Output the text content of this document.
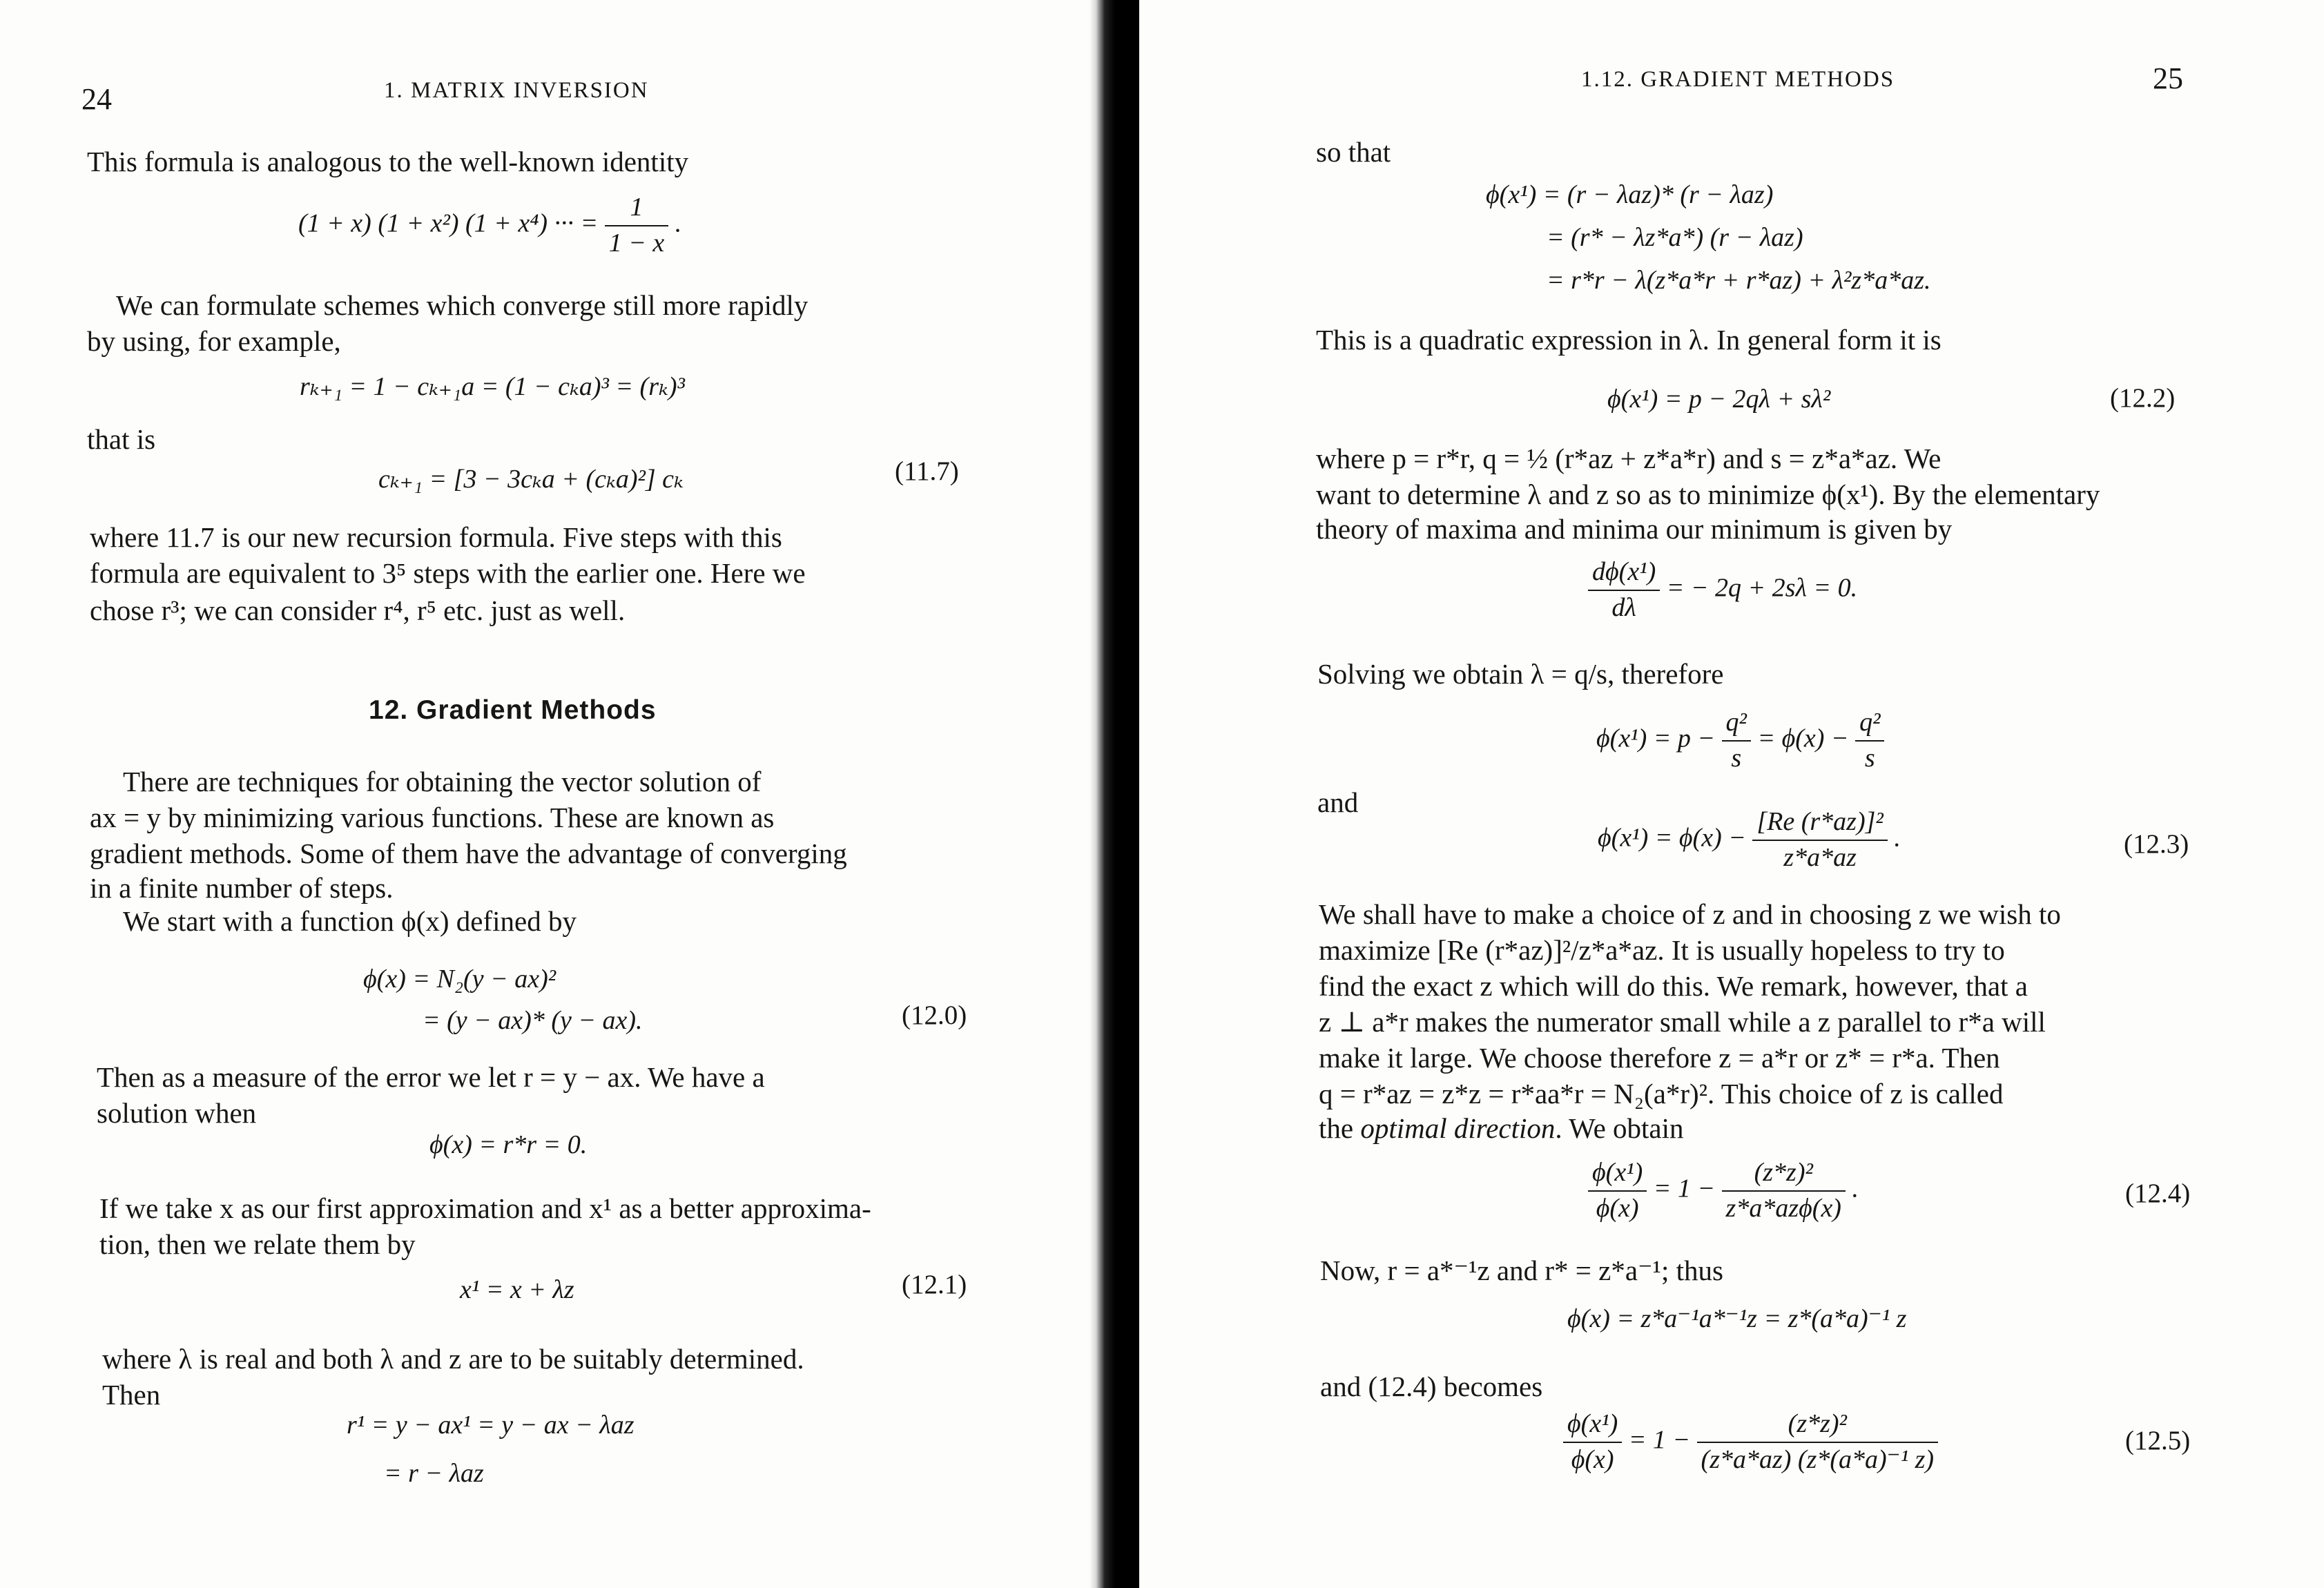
24	1. MATRIX INVERSION
This formula is analogous to the well-known identity
(1 + x) (1 + x²) (1 + x⁴) ··· = $\frac{1}{1 - x}$ .
We can formulate schemes which converge still more rapidly
by using, for example,
rₖ₊₁ = 1 − cₖ₊₁a = (1 − cₖa)³ = (rₖ)³
that is
cₖ₊₁ = [3 − 3cₖa + (cₖa)²] cₖ	(11.7)
where 11.7 is our new recursion formula. Five steps with this
formula are equivalent to 3⁵ steps with the earlier one. Here we
chose r³; we can consider r⁴, r⁵ etc. just as well.
12. Gradient Methods
There are techniques for obtaining the vector solution of
ax = y by minimizing various functions. These are known as
gradient methods. Some of them have the advantage of converging
in a finite number of steps.
We start with a function ϕ(x) defined by
ϕ(x) = N₂(y − ax)²
= (y − ax)* (y − ax).	(12.0)
Then as a measure of the error we let r = y − ax. We have a
solution when
ϕ(x) = r*r = 0.
If we take x as our first approximation and x¹ as a better approxima-
tion, then we relate them by
x¹ = x + λz	(12.1)
where λ is real and both λ and z are to be suitably determined.
Then
r¹ = y − ax¹ = y − ax − λaz
= r − λaz
1.12. GRADIENT METHODS	25
so that
ϕ(x¹) = (r − λaz)* (r − λaz)
= (r* − λz*a*) (r − λaz)
= r*r − λ(z*a*r + r*az) + λ²z*a*az.
This is a quadratic expression in λ. In general form it is
ϕ(x¹) = p − 2qλ + sλ²	(12.2)
where p = r*r, q = ½ (r*az + z*a*r) and s = z*a*az. We
want to determine λ and z so as to minimize ϕ(x¹). By the elementary
theory of maxima and minima our minimum is given by
$\frac{\text{dϕ(x¹)}}{d\lambda}$ = − 2q + 2sλ = 0.
Solving we obtain λ = q/s, therefore
$\phi(x^1) = p - \frac{\text{q²}}{s} = \phi(x) - \frac{\text{q²}}{s}$
and
$\phi(x^1) = \phi(x) - \frac{\text{[Re (r*az)]²}}{z*a*az}$ .	(12.3)
We shall have to make a choice of z and in choosing z we wish to
maximize [Re (r*az)]²/z*a*az. It is usually hopeless to try to
find the exact z which will do this. We remark, however, that a
z ⊥ a*r makes the numerator small while a z parallel to r*a will
make it large. We choose therefore z = a*r or z* = r*a. Then
q = r*az = z*z = r*aa*r = N₂(a*r)². This choice of z is called
the optimal direction. We obtain
$\frac{\text{ϕ(x¹)}}{\phi(x)} = 1 - \frac{\text{(z*z)²}}{\text{z*a*azϕ(x)}}$ .	(12.4)
Now, r = a*⁻¹z and r* = z*a⁻¹; thus
ϕ(x) = z*a⁻¹a*⁻¹z = z*(a*a)⁻¹ z
and (12.4) becomes
$\frac{\text{ϕ(x¹)}}{\phi(x)} = 1 - \frac{\text{(z*z)²}}{\text{(z*a*az) (z*(a*a)⁻¹ z)}}$	(12.5)
